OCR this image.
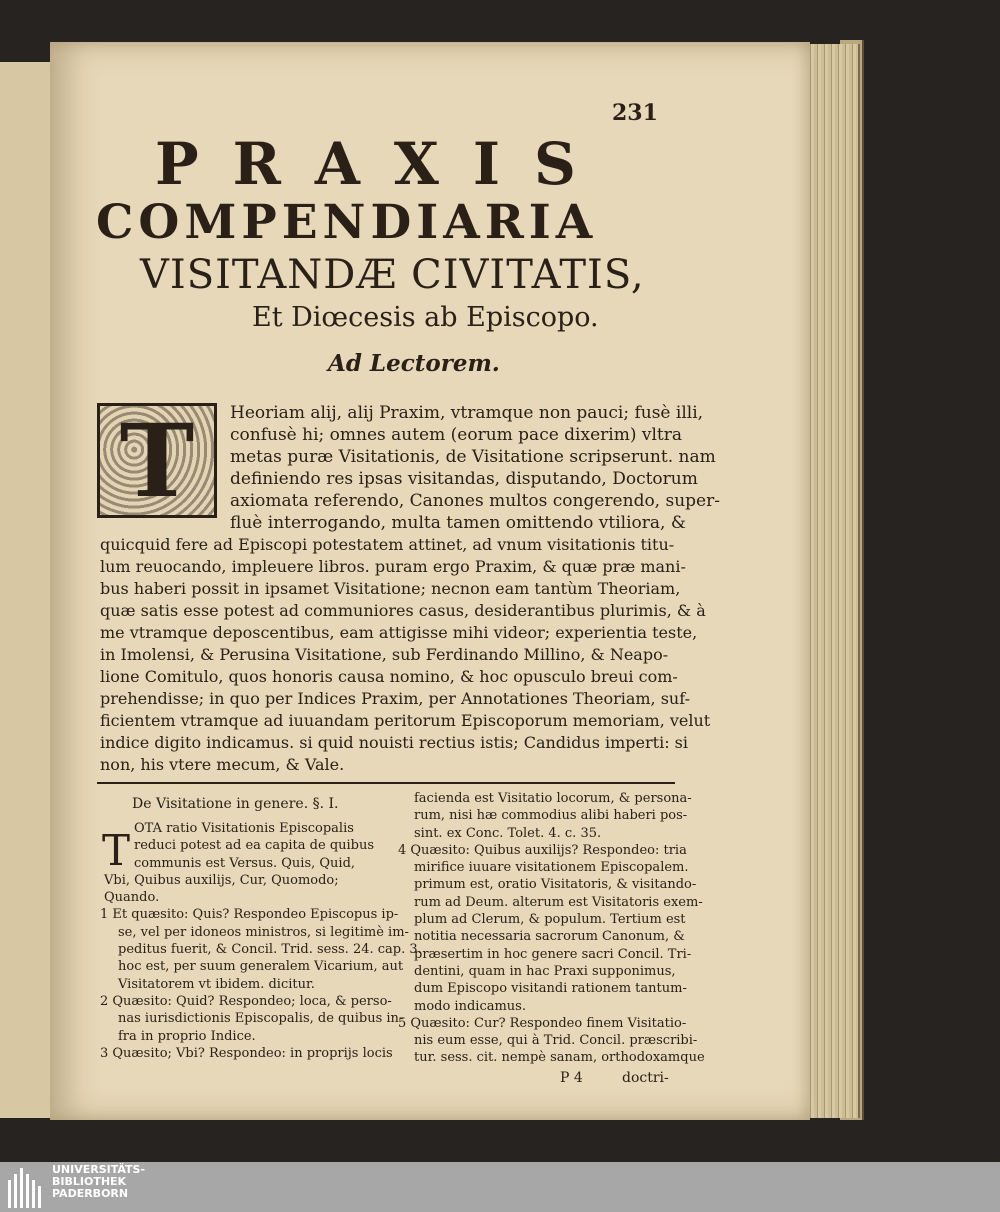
231
PRAXIS
COMPENDIARIA
VISITANDÆ CIVITATIS,
Et Diœcesis ab Episcopo.
Ad Lectorem.
T	Heoriam alij, alij Praxim, vtramque non pauci; fusè illi,
confusè hi; omnes autem (eorum pace dixerim) vltra
metas puræ Visitationis, de Visitatione scripserunt. nam
definiendo res ipsas visitandas, disputando, Doctorum
axiomata referendo, Canones multos congerendo, super-
fluè interrogando, multa tamen omittendo vtiliora, &
quicquid fere ad Episcopi potestatem attinet, ad vnum visitationis titu-
lum reuocando, impleuere libros. puram ergo Praxim, & quæ præ mani-
bus haberi possit in ipsamet Visitatione; necnon eam tantùm Theoriam,
quæ satis esse potest ad communiores casus, desiderantibus plurimis, & à
me vtramque deposcentibus, eam attigisse mihi videor; experientia teste,
in Imolensi, & Perusina Visitatione, sub Ferdinando Millino, & Neapo-
lione Comitulo, quos honoris causa nomino, & hoc opusculo breui com-
prehendisse; in quo per Indices Praxim, per Annotationes Theoriam, suf-
ficientem vtramque ad iuuandam peritorum Episcoporum memoriam, velut
indice digito indicamus. si quid nouisti rectius istis; Candidus imperti: si
non, his vtere mecum, & Vale.
De Visitatione in genere. §. I.
T OTA ratio Visitationis Episcopalis
reduci potest ad ea capita de quibus
communis est Versus. Quis, Quid,
Vbi, Quibus auxilijs, Cur, Quomodo;
Quando.
1 Et quæsito: Quis? Respondeo Episcopus ip-
se, vel per idoneos ministros, si legitimè im-
peditus fuerit, & Concil. Trid. sess. 24. cap. 3.
hoc est, per suum generalem Vicarium, aut
Visitatorem vt ibidem. dicitur.
2 Quæsito: Quid? Respondeo; loca, & perso-
nas iurisdictionis Episcopalis, de quibus in-
fra in proprio Indice.
3 Quæsito; Vbi? Respondeo: in proprijs locis
facienda est Visitatio locorum, & persona-
rum, nisi hæ commodius alibi haberi pos-
sint. ex Conc. Tolet. 4. c. 35.
4 Quæsito: Quibus auxilijs? Respondeo: tria
mirifice iuuare visitationem Episcopalem.
primum est, oratio Visitatoris, & visitando-
rum ad Deum. alterum est Visitatoris exem-
plum ad Clerum, & populum. Tertium est
notitia necessaria sacrorum Canonum, &
præsertim in hoc genere sacri Concil. Tri-
dentini, quam in hac Praxi supponimus,
dum Episcopo visitandi rationem tantum-
modo indicamus.
5 Quæsito: Cur? Respondeo finem Visitatio-
nis eum esse, qui à Trid. Concil. præscribi-
tur. sess. cit. nempè sanam, orthodoxamque
P 4	doctri-
UNIVERSITÄTS-
BIBLIOTHEK
PADERBORN
